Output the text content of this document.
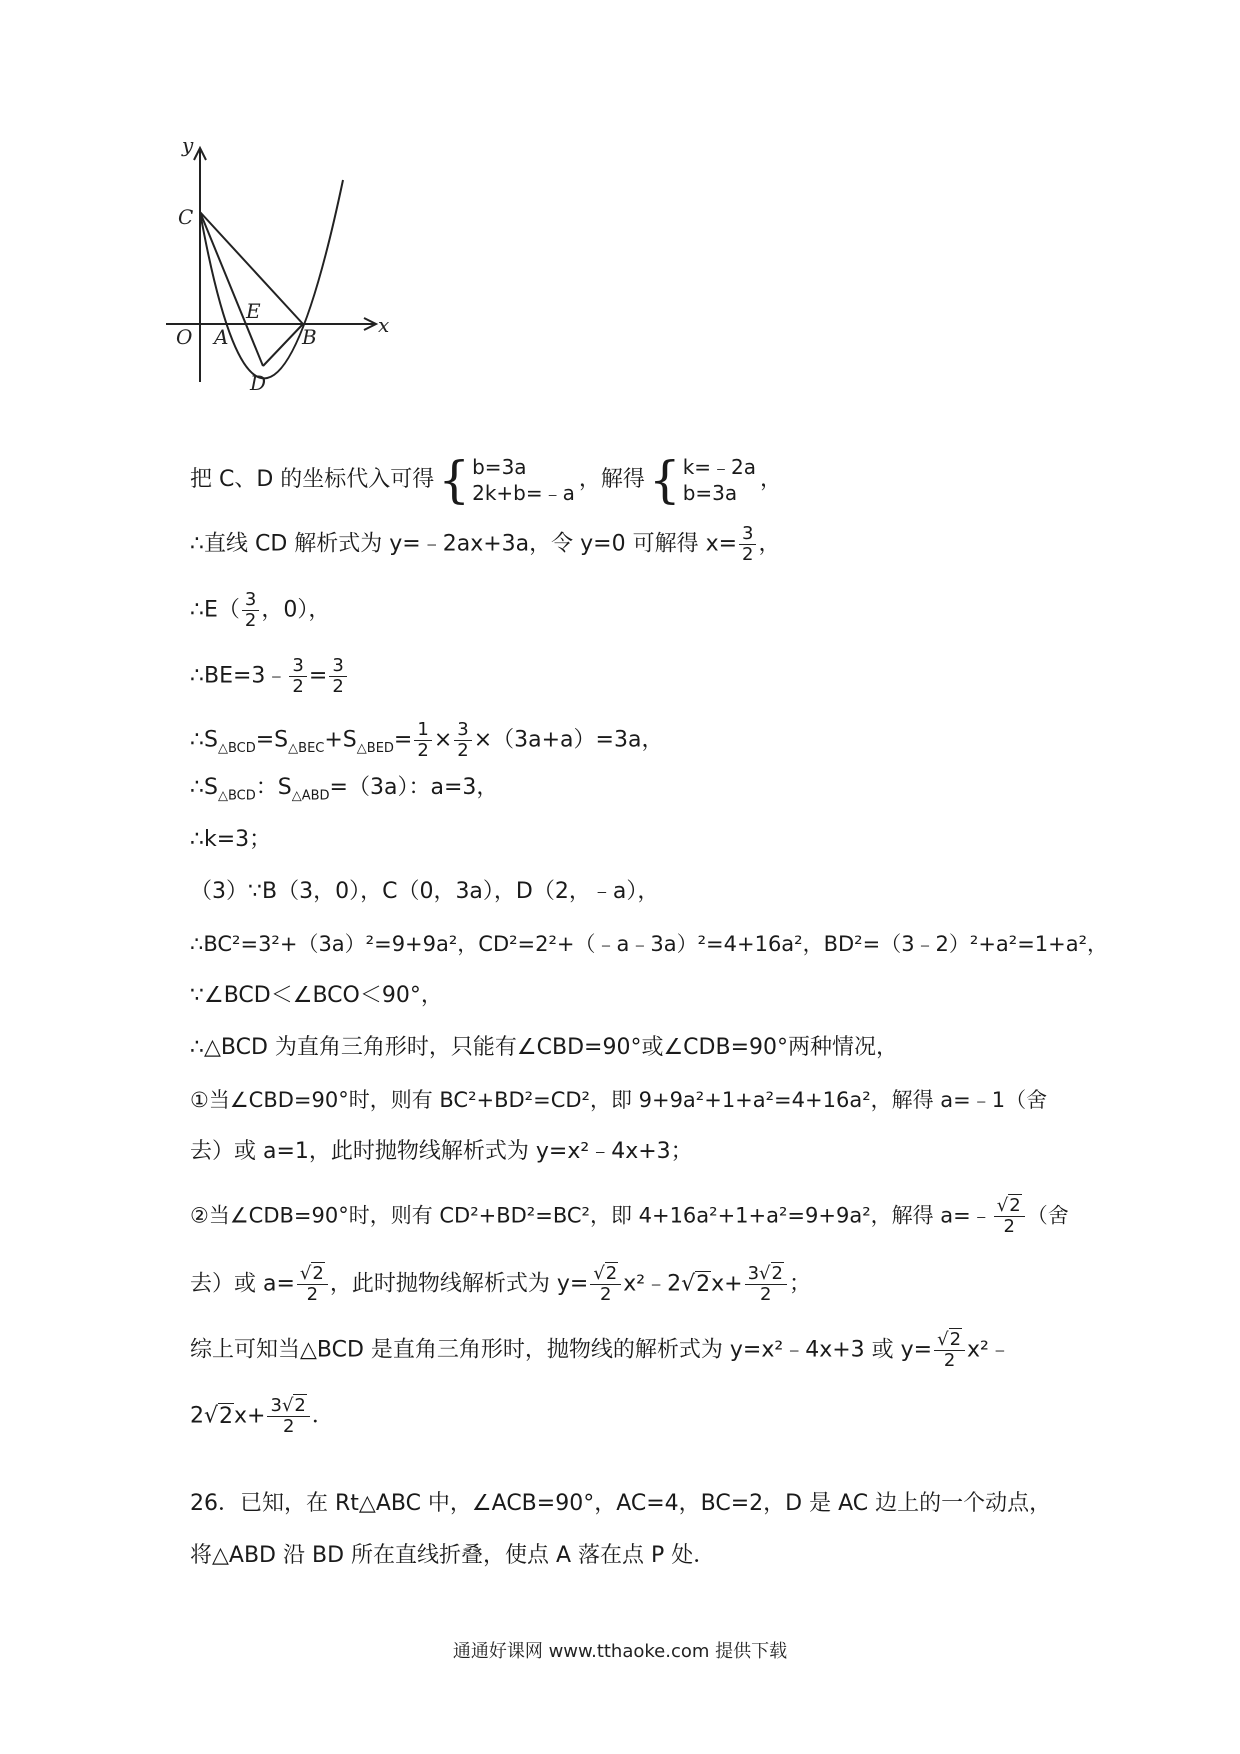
y
x
C
O A
E
B
D
把 C、D 的坐标代入可得 { b=3a
2k+b=﹣a
，解得 { k=﹣2a
b=3a
，
∴直线 CD 解析式为 y=﹣2ax+3a，令 y=0 可解得 $x= \frac{3}{2}$ ，
∴E（ $\frac{3}{2}$ ，0），
∴BE=3﹣ $\frac{3}{2} = \frac{3}{2}$
$\therefore S_{\triangle BCD}=S_{\triangle BEC}+S_{\triangle BED}= \frac{1}{2} \times \frac{3}{2} \times(3a+a)=3a$，
$\therefore S_{\triangle BCD}$：$S_{\triangle ABD}=(3a)$：a=3，
∴k=3；
（3）∵B（3，0），C（0，3a），D（2，﹣a），
∴BC²=3²+（3a）²=9+9a²，CD²=2²+（﹣a﹣3a）²=4+16a²，BD²=（3﹣2）²+a²=1+a²，
∵∠BCD＜∠BCO＜90°，
∴△BCD 为直角三角形时，只能有∠CBD=90°或∠CDB=90°两种情况，
①当∠CBD=90°时，则有 BC²+BD²=CD²，即 9+9a²+1+a²=4+16a²，解得 a=﹣1（舍
去）或 a=1，此时抛物线解析式为 y=x²﹣4x+3；
②当∠CDB=90°时，则有 CD²+BD²=BC²，即 4+16a²+1+a²=9+9a²，解得 a=﹣ $\frac{√2}{2}$ （舍
去）或 $a= \frac{√2}{2}$ ，此时抛物线解析式为 $y= \frac{√2}{2}$ x²﹣2√2x+ $\frac{3√2}{2}$ ；
综上可知当△BCD 是直角三角形时，抛物线的解析式为 y=x²﹣4x+3 或 $y= \frac{√2}{2}$ x²﹣
$2√2x+ \frac{3√2}{2}$ ．
26．已知，在 Rt△ABC 中，∠ACB=90°，AC=4，BC=2，D 是 AC 边上的一个动点，
将△ABD 沿 BD 所在直线折叠，使点 A 落在点 P 处．
通通好课网 www.tthaoke.com 提供下载
